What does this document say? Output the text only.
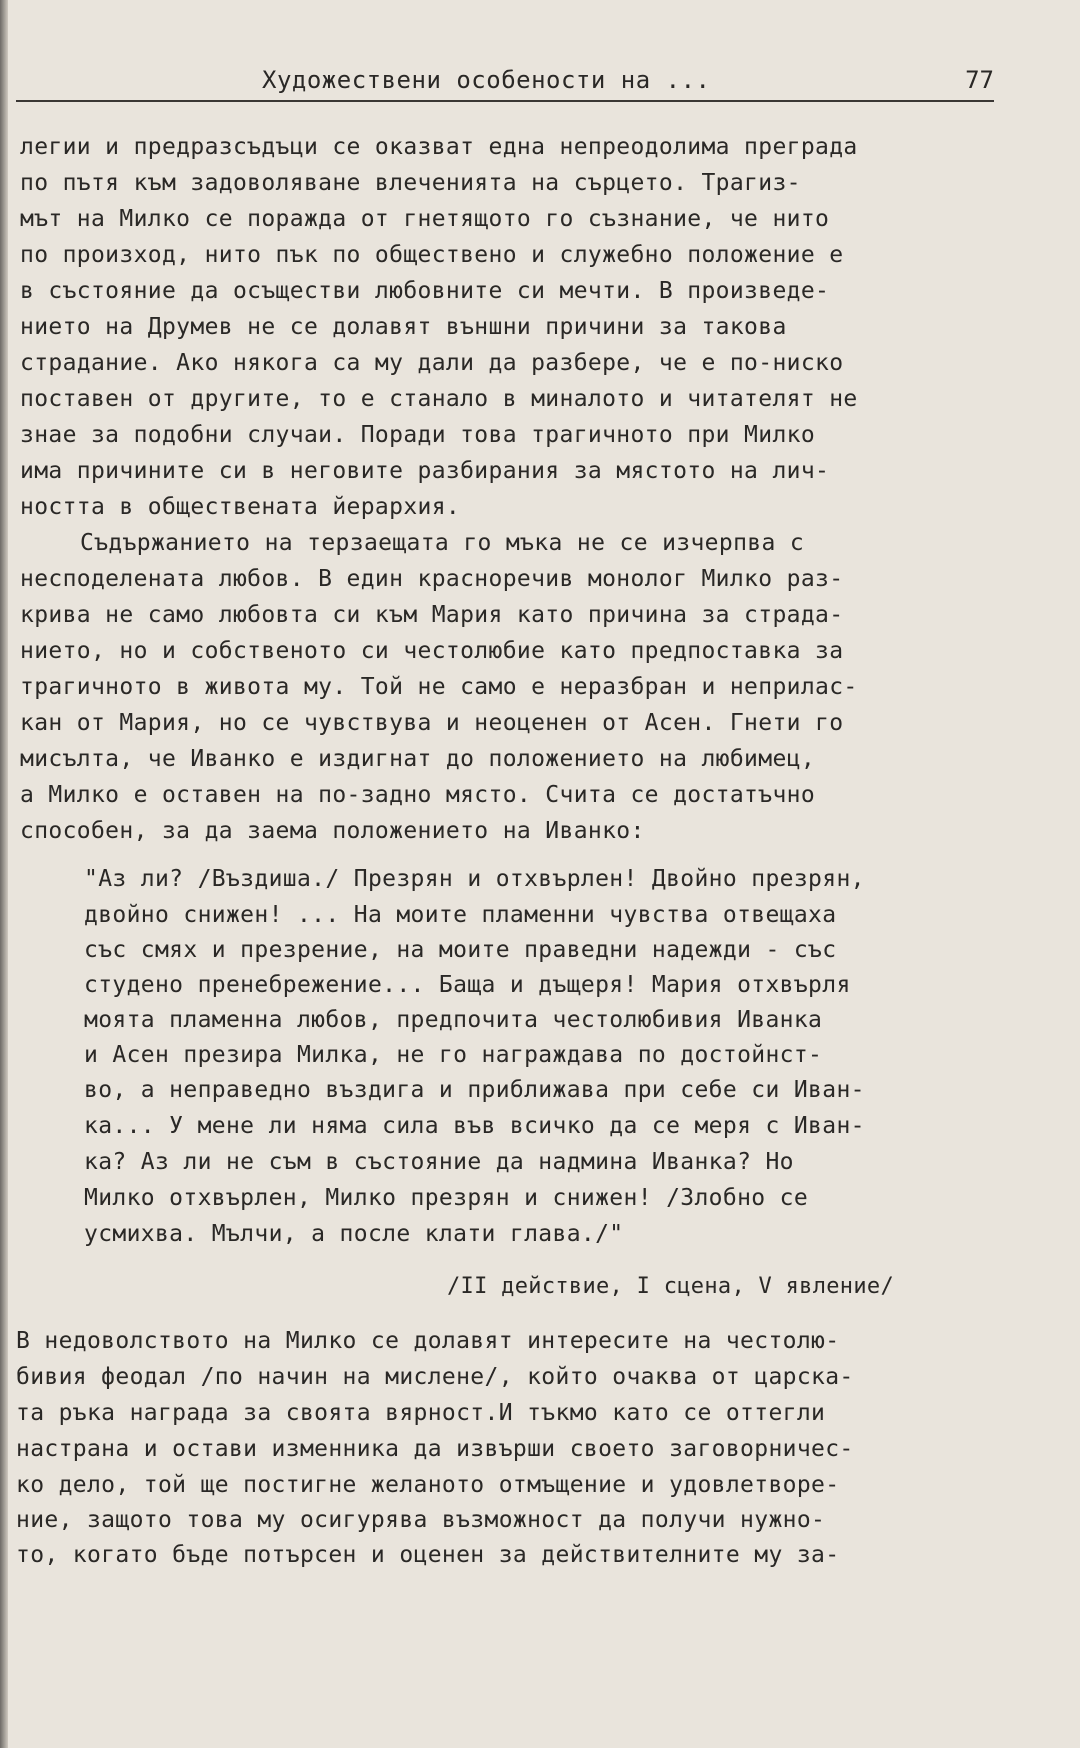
Художествени особености на ...	77
легии и предразсъдъци се оказват една непреодолима преграда
по пътя към задоволяване влеченията на сърцето. Трагиз-
мът на Милко се поражда от гнетящото го съзнание, че нито
по произход, нито пък по обществено и служебно положение е
в състояние да осъществи любовните си мечти. В произведе-
нието на Друмев не се долавят външни причини за такова
страдание. Ако някога са му дали да разбере, че е по-ниско
поставен от другите, то е станало в миналото и читателят не
знае за подобни случаи. Поради това трагичното при Милко
има причините си в неговите разбирания за мястото на лич-
ността в обществената йерархия.
Съдържанието на терзаещата го мъка не се изчерпва с
несподелената любов. В един красноречив монолог Милко раз-
крива не само любовта си към Мария като причина за страда-
нието, но и собственото си честолюбие като предпоставка за
трагичното в живота му. Той не само е неразбран и неприлас-
кан от Мария, но се чувствува и неоценен от Асен. Гнети го
мисълта, че Иванко е издигнат до положението на любимец,
а Милко е оставен на по-задно място. Счита се достатъчно
способен, за да заема положението на Иванко:
"Аз ли? /Въздиша./ Презрян и отхвърлен! Двойно презрян,
двойно снижен! ... На моите пламенни чувства отвещаха
със смях и презрение, на моите праведни надежди - със
студено пренебрежение... Баща и дъщеря! Мария отхвърля
моята пламенна любов, предпочита честолюбивия Иванка
и Асен презира Милка, не го награждава по достойнст-
во, а неправедно въздига и приближава при себе си Иван-
ка... У мене ли няма сила във всичко да се меря с Иван-
ка? Аз ли не съм в състояние да надмина Иванка? Но
Милко отхвърлен, Милко презрян и снижен! /Злобно се
усмихва. Мълчи, а после клати глава./"
/II действие, I сцена, V явление/
В недоволството на Милко се долавят интересите на честолю-
бивия феодал /по начин на мислене/, който очаква от царска-
та ръка награда за своята вярност.И тъкмо като се оттегли
настрана и остави изменника да извърши своето заговорничес-
ко дело, той ще постигне желаното отмъщение и удовлетворе-
ние, защото това му осигурява възможност да получи нужно-
то, когато бъде потърсен и оценен за действителните му за-
